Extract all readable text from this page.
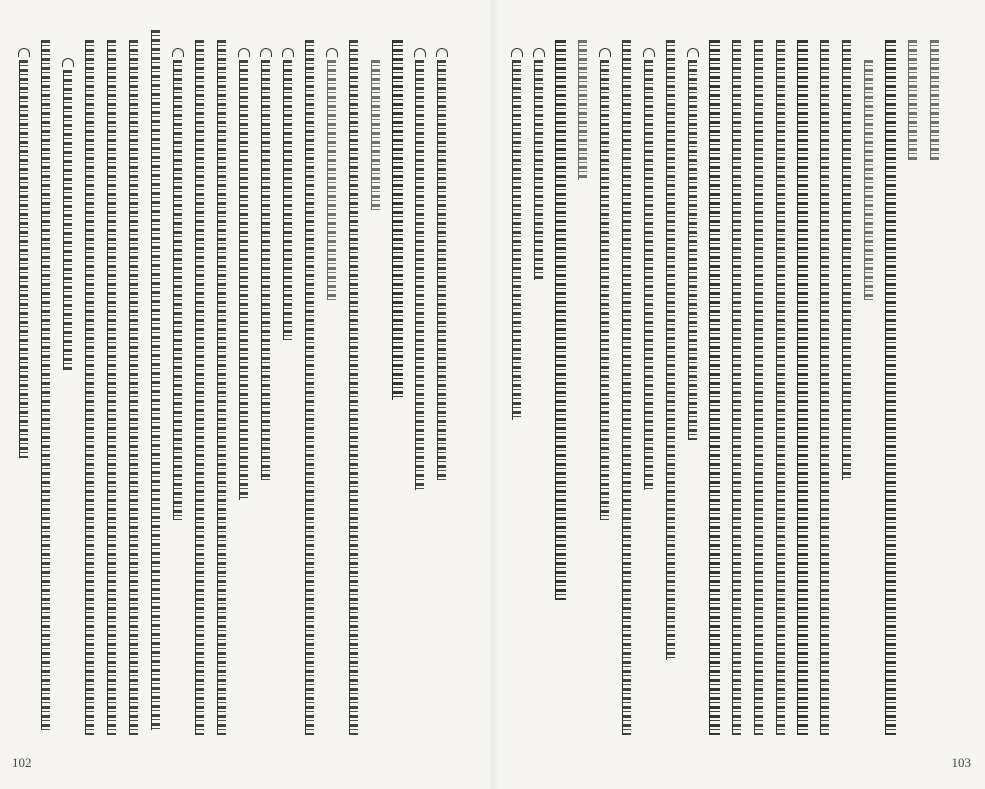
102	103
